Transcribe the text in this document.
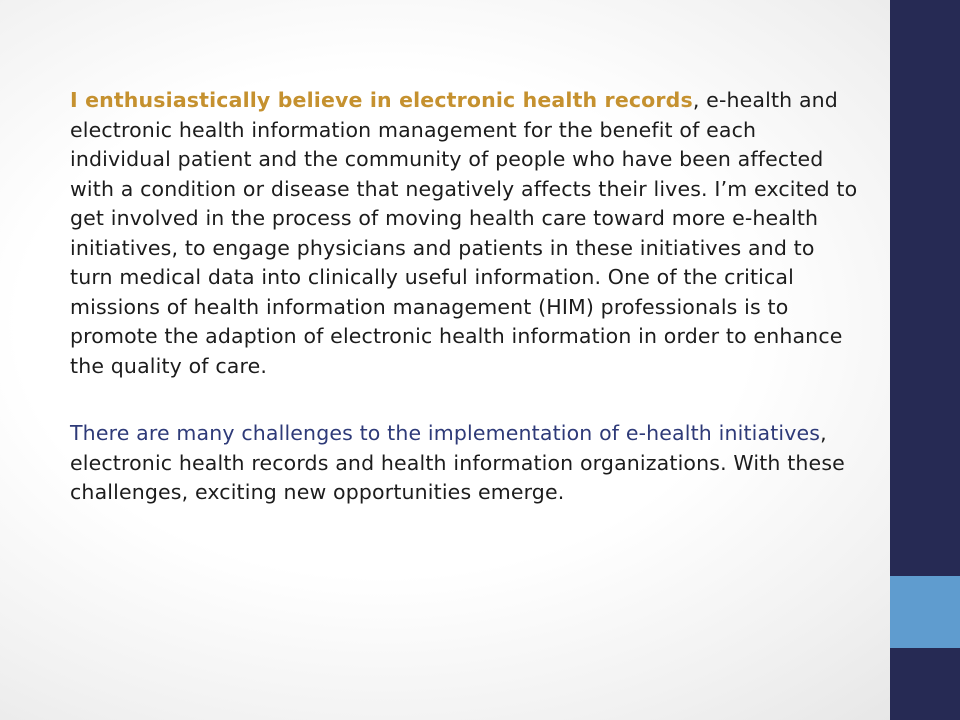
I enthusiastically believe in electronic health records, e-health and electronic health information management for the benefit of each individual patient and the community of people who have been affected with a condition or disease that negatively affects their lives. I’m excited to get involved in the process of moving health care toward more e-health initiatives, to engage physicians and patients in these initiatives and to turn medical data into clinically useful information. One of the critical missions of health information management (HIM) professionals is to promote the adaption of electronic health information in order to enhance the quality of care.

There are many challenges to the implementation of e-health initiatives, electronic health records and health information organizations. With these challenges, exciting new opportunities emerge.
